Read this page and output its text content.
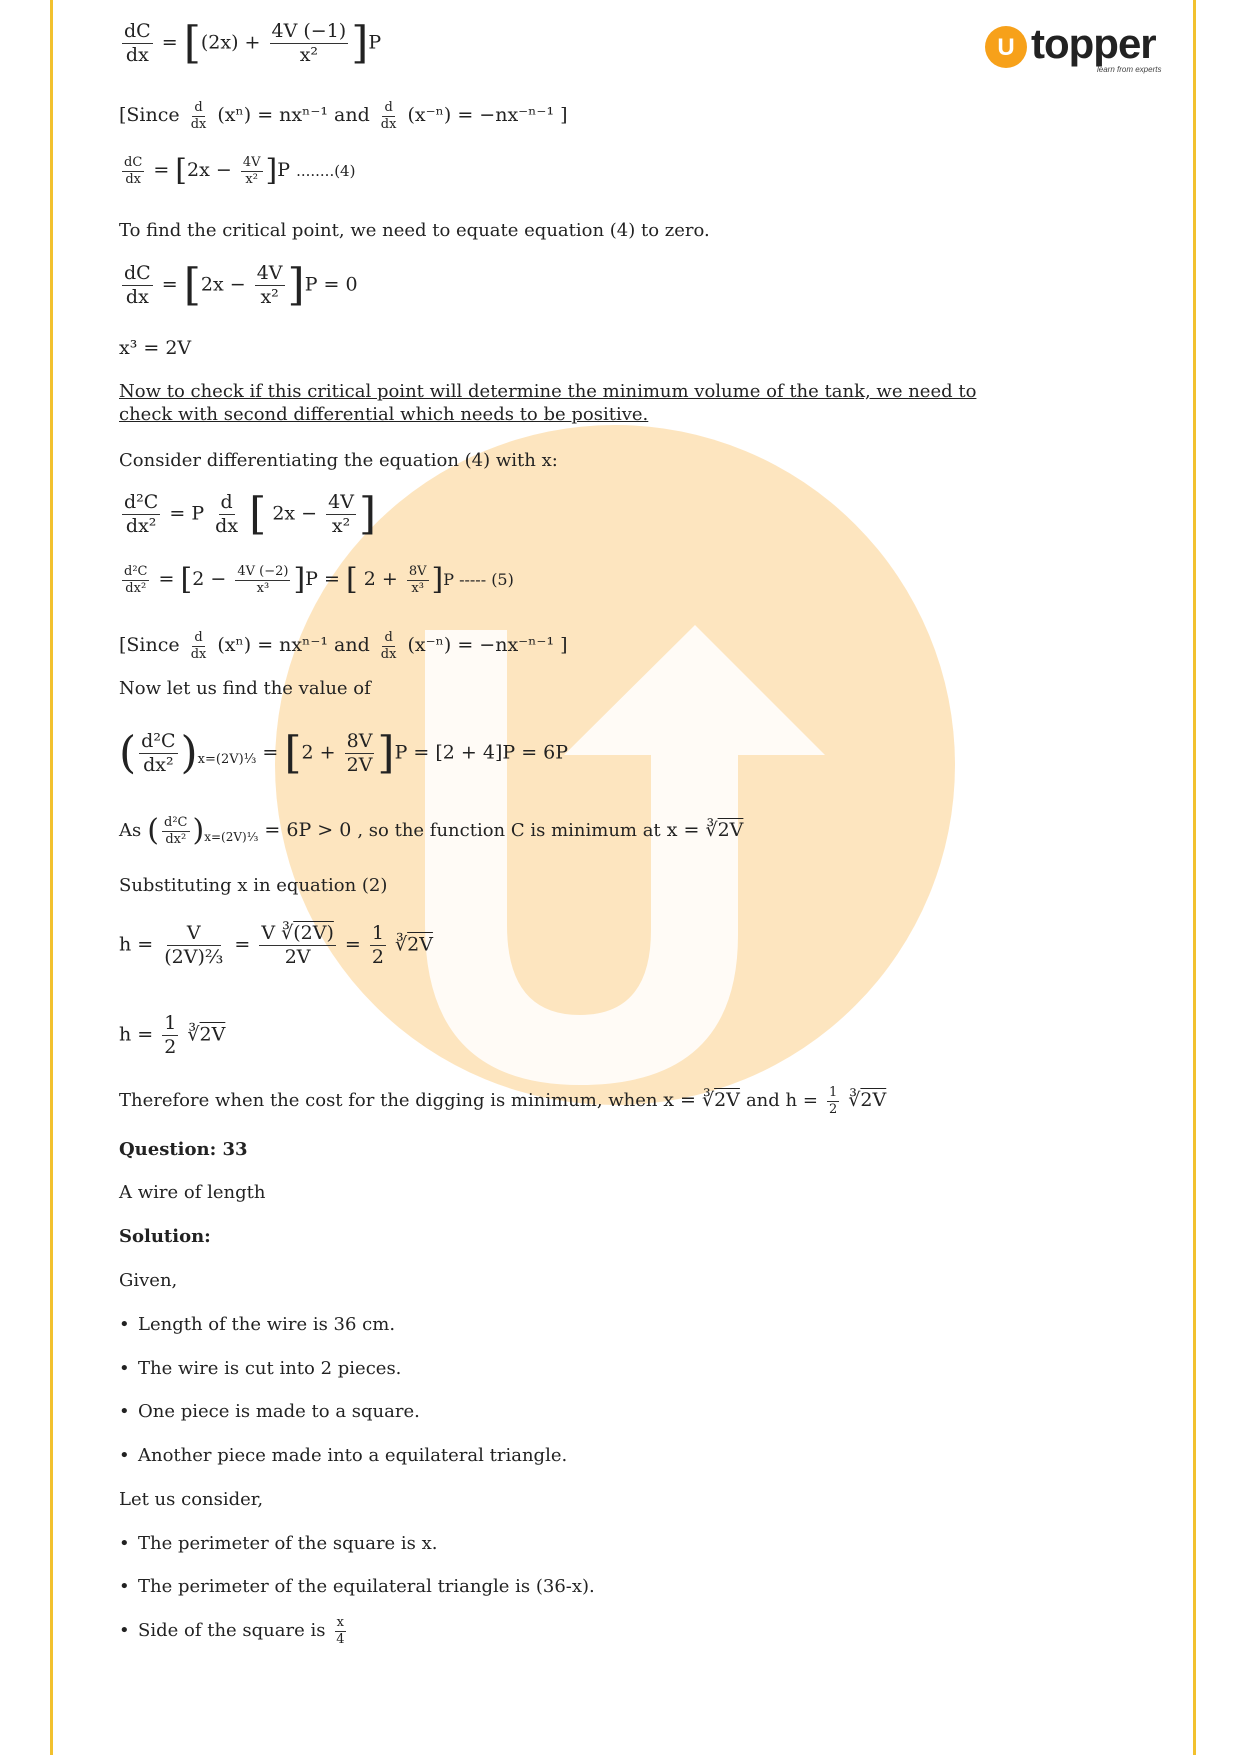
U topper
learn from experts
$\frac{dC}{dx} = [(2x) + \frac{4V (-1)}{\text{x²}} ]P$
[Since $\frac{d}{dx} (x^n) = nx^{n-1}$ and $\frac{d}{dx} (x^{-n}) = -nx^{-n-1}$ ]
$\frac{dC}{dx} = [2x - \frac{4V}{\text{x²}} ]P$ ........(4)
To find the critical point, we need to equate equation (4) to zero.
$\frac{dC}{dx} = [2x - \frac{4V}{\text{x²}} ]P = 0$
x³ = 2V
Now to check if this critical point will determine the minimum volume of the tank, we need to
check with second differential which needs to be positive.
Consider differentiating the equation (4) with x:
$\frac{\text{d²C}}{\text{dx²}} = P \frac{d}{dx}$ [ $2x - \frac{4V}{\text{x²}}$ ]
$\frac{\text{d²C}}{\text{dx²}} = [2 - \frac{4V (-2)}{\text{x³}} ]P$ = [ $2 + \frac{8V}{\text{x³}} ]P$ ----- (5)
[Since $\frac{d}{dx} (x^n) = nx^{n-1}$ and $\frac{d}{dx} (x^{-n}) = -nx^{-n-1}$ ]
Now let us find the value of
( $\frac{\text{d²C}}{\text{dx²}} )_{x=(2V)\frac{1}{3}} = [2 + \frac{8V}{2V} ]P = [2 + 4]P = 6P$
As ( $\frac{\text{d²C}}{\text{dx²}} )_{x=(2V)\frac{1}{3}} = 6P > 0$ , so the function C is minimum at x = ∛2V
Substituting x in equation (2)
$h = \frac{V}{\text{(2V)⅔}} = \frac{V ∛(2V)}{2V} = \frac{1}{2}$ ∛2V
$h = \frac{1}{2}$ ∛2V
Therefore when the cost for the digging is minimum, when x = ∛2V and $h = \frac{1}{2}$ ∛2V
Question: 33
A wire of length
Solution:
Given,
• Length of the wire is 36 cm.
• The wire is cut into 2 pieces.
• One piece is made to a square.
• Another piece made into a equilateral triangle.
Let us consider,
• The perimeter of the square is x.
• The perimeter of the equilateral triangle is (36-x).
• Side of the square is $\frac{x}{4}$
